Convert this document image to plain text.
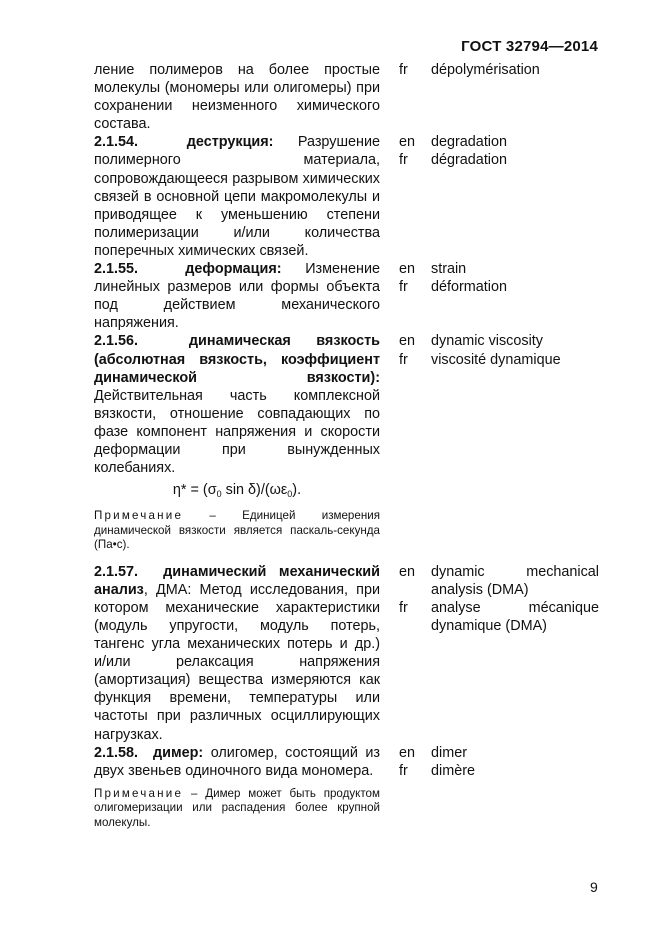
ГОСТ 32794—2014
ление полимеров на более простые молекулы (мономеры или олигомеры) при сохранении неизменного химического состава.
fr	dépolymérisation
2.1.54.	деструкция: Разрушение полимерного материала, сопровождающееся разрывом химических связей в основной цепи макромолекулы и приводящее к уменьшению степени полимеризации и/или количества поперечных химических связей.
en	degradation
fr	dégradation
2.1.55.	деформация: Изменение линейных размеров или формы объекта под действием механического напряжения.
en	strain
fr	déformation
2.1.56.	динамическая вязкость (абсолютная вязкость, коэффициент динамической вязкости): Действительная часть комплексной вязкости, отношение совпадающих по фазе компонент напряжения и скорости деформации при вынужденных колебаниях.
$\eta* = (\sigma_0$ $\sin \delta)/(\omega\varepsilon_0)$.
Примечание – Единицей измерения динамической вязкости является паскаль-секунда (Па•с).
en	dynamic viscosity
fr	viscosité dynamique
2.1.57. динамический механический анализ, ДМА: Метод исследования, при котором механические характеристики (модуль упругости, модуль потерь, тангенс угла механических потерь и др.) и/или релаксация напряжения (амортизация) вещества измеряются как функция времени, температуры или частоты при различных осциллирующих нагрузках.
en	dynamic mechanical analysis (DMA)
fr	analyse mécanique dynamique (DMA)
2.1.58. димер: олигомер, состоящий из двух звеньев одиночного вида мономера.
Примечание – Димер может быть продуктом олигомеризации или распадения более крупной молекулы.
en	dimer
fr	dimère
9
